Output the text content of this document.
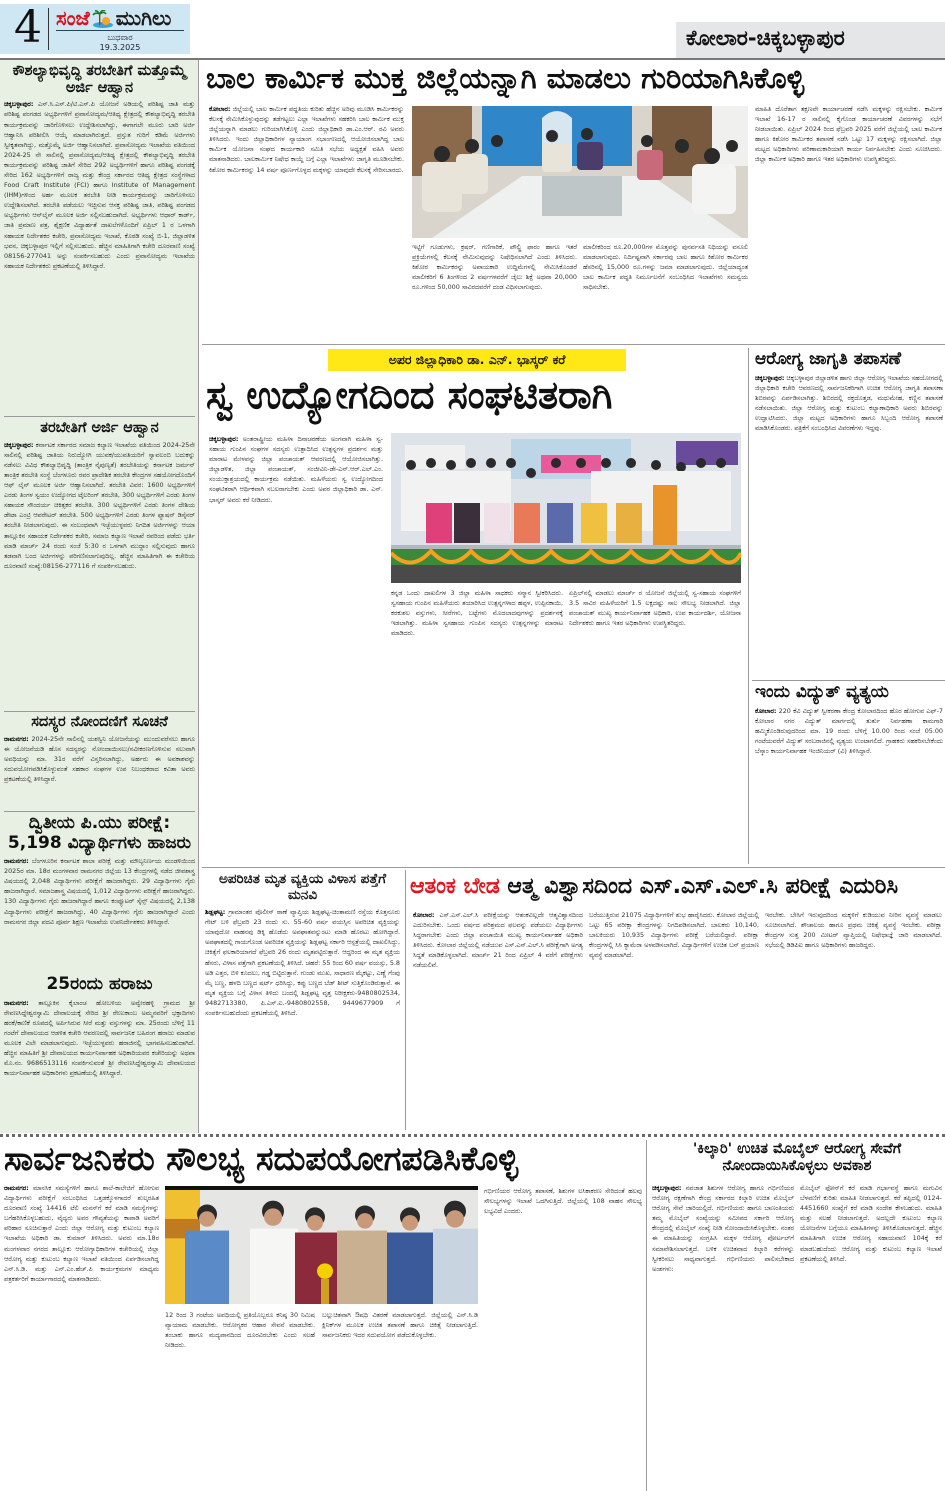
4 ಸಂಜೆ ಮುಗಿಲು
ಬುಧವಾರ
19.3.2025	ಕೋಲಾರ-ಚಿಕ್ಕಬಳ್ಳಾಪುರ
ಕೌಶಲ್ಯಾಭಿವೃದ್ಧಿ ತರಬೇತಿಗೆ ಮತ್ತೊಮ್ಮೆ ಅರ್ಜಿ ಆಹ್ವಾನ
ಚಿಕ್ಕಬಳ್ಳಾಪುರ: ಎಸ್.ಸಿ.ಎಸ್.ಪಿ/ಟಿ.ಎಸ್.ಪಿ ಯೋಜನೆ ಅಡಿಯಲ್ಲಿ ಪರಿಶಿಷ್ಟ ಜಾತಿ ಮತ್ತು ಪರಿಶಿಷ್ಟ ಪಂಗಡದ ಅಭ್ಯರ್ಥಿಗಳಿಗೆ ಪ್ರವಾಸೋದ್ಯಮ/ಆತಿಥ್ಯ ಕ್ಷೇತ್ರದಲ್ಲಿ ಕೌಶಲ್ಯಾಭಿವೃದ್ಧಿ ತರಬೇತಿ ಕಾರ್ಯಕ್ರಮವನ್ನು ಜಾರಿಗೊಳಿಸಲು ಉದ್ದೇಶಿಸಲಾಗಿದ್ದು, ಈಗಾಗಲೇ ಮೂರು ಬಾರಿ ಅರ್ಜಿ ಆಹ್ವಾನಿಸಿ ಪರಿಶೀಲಿಸಿ ಆಯ್ಕೆ ಮಾಡಲಾಗಿರುತ್ತದೆ. ಪ್ರಸ್ತುತ ಗುರಿಗೆ ಕಡಿಮೆ ಅರ್ಜಿಗಳು ಸ್ವೀಕೃತವಾಗಿದ್ದು, ಮತ್ತೊಮ್ಮೆ ಅರ್ಜಿ ಆಹ್ವಾನಿಸಲಾಗಿದೆ. ಪ್ರವಾಸೋದ್ಯಮ ಇಲಾಖೆಯ ವತಿಯಿಂದ 2024-25 ನೇ ಸಾಲಿನಲ್ಲಿ ಪ್ರವಾಸೋದ್ಯಮ/ಆತಿಥ್ಯ ಕ್ಷೇತ್ರದಲ್ಲಿ ಕೌಶಲ್ಯಾಭಿವೃದ್ಧಿ ತರಬೇತಿ ಕಾರ್ಯಕ್ರಮವನ್ನು ಪರಿಶಿಷ್ಟ ಜಾತಿಗೆ ಸೇರಿದ 292 ಅಭ್ಯರ್ಥಿಗಳಿಗೆ ಹಾಗೂ ಪರಿಶಿಷ್ಟ ಪಂಗಡಕ್ಕೆ ಸೇರಿದ 162 ಅಭ್ಯರ್ಥಿಗಳಿಗೆ ರಾಜ್ಯ ಮತ್ತು ಕೇಂದ್ರ ಸರ್ಕಾರದ ಆತಿಥ್ಯ ಕ್ಷೇತ್ರದ ಸಂಸ್ಥೆಗಳಾದ Food Craft Institute (FCI) ಹಾಗೂ Institute of Management (IHM)ಗಳಿಂದ ಅರ್ಹ ಮೂಲಕ ತರಬೇತಿ ನೀಡಿ ಕಾರ್ಯಕ್ರಮವನ್ನು ಜಾರಿಗೊಳಿಸಲು ಉದ್ದೇಶಿಸಲಾಗಿದೆ. ತರಬೇತಿ ಪಡೆಯಲು ಇಚ್ಛಿಸುವ ಆಸಕ್ತ ಪರಿಶಿಷ್ಟ ಜಾತಿ, ಪರಿಶಿಷ್ಟ ಪಂಗಡದ ಅಭ್ಯರ್ಥಿಗಳು ಆನ್‌ಲೈನ್ ಮೂಲಕ ಅರ್ಜಿ ಸಲ್ಲಿಸಬಹುದಾಗಿದೆ. ಅಭ್ಯರ್ಥಿಗಳು ಆಧಾರ್ ಕಾರ್ಡ್, ಜಾತಿ ಪ್ರಮಾಣ ಪತ್ರ, ಶೈಕ್ಷಣಿಕ ವಿದ್ಯಾರ್ಹತೆ ದಾಖಲೆಗಳೊಂದಿಗೆ ಏಪ್ರಿಲ್ 1 ರ ಒಳಗಾಗಿ ಸಹಾಯಕ ನಿರ್ದೇಶಕರ ಕಚೇರಿ, ಪ್ರವಾಸೋದ್ಯಮ ಇಲಾಖೆ, ಕೊಠಡಿ ಸಂಖ್ಯೆ ಬಿ-1, ಜಿಲ್ಲಾಡಳಿತ ಭವನ, ಚಿಕ್ಕಬಳ್ಳಾಪುರ ಇಲ್ಲಿಗೆ ಸಲ್ಲಿಸಬಹುದು. ಹೆಚ್ಚಿನ ಮಾಹಿತಿಗಾಗಿ ಕಚೇರಿ ದೂರವಾಣಿ ಸಂಖ್ಯೆ 08156-277041 ಅನ್ನು ಸಂಪರ್ಕಿಸಬಹುದು ಎಂದು ಪ್ರವಾಸೋದ್ಯಮ ಇಲಾಖೆಯ ಸಹಾಯಕ ನಿರ್ದೇಶಕರು ಪ್ರಕಟಣೆಯಲ್ಲಿ ತಿಳಿಸಿದ್ದಾರೆ.
ತರಬೇತಿಗೆ ಅರ್ಜಿ ಆಹ್ವಾನ
ಚಿಕ್ಕಬಳ್ಳಾಪುರ: ಕರ್ನಾಟಕ ಸರ್ಕಾರದ ಸಮಾಜ ಕಲ್ಯಾಣ ಇಲಾಖೆಯ ವತಿಯಿಂದ 2024-25ನೇ ಸಾಲಿನಲ್ಲಿ ಪರಿಶಿಷ್ಟ ಜಾತಿಯ ನಿರುದ್ಯೋಗಿ ಯುವಕ/ಯುವತಿಯರಿಗೆ ಸ್ವಾವಲಂಬಿ ಬದುಕನ್ನು ನಡೆಸಲು ವಿವಿಧ ಕೌಶಲ್ಯಾಭಿವೃದ್ಧಿ (ತಾಂತ್ರಿಕ ನೈಪುಣ್ಯತೆ) ತರಬೇತಿಯನ್ನು ಕರ್ನಾಟಕ ಜರ್ಮನ್ ತಾಂತ್ರಿಕ ತರಬೇತಿ ಸಂಸ್ಥೆ ಬೆಂಗಳೂರು ರವರ ಪ್ರಾದೇಶಿಕ ತರಬೇತಿ ಕೇಂದ್ರಗಳ ಸಹಯೋಗದೊಂದಿಗೆ ಆಫ್ ಲೈನ್ ಮೂಲಕ ಅರ್ಜಿ ಆಹ್ವಾನಿಸಲಾಗಿದೆ. ತರಬೇತಿ ವಿವರ: 1600 ಅಭ್ಯರ್ಥಿಗಳಿಗೆ ಎರಡು ತಿಂಗಳ ಸ್ವಯಂ ಉದ್ಯೋಗದ ಟೈಲರಿಂಗ್ ತರಬೇತಿ, 300 ಅಭ್ಯರ್ಥಿಗಳಿಗೆ ಎರಡು ತಿಂಗಳ ಸಹಾಯಕ ಸೌಂದರ್ಯ ಚಿಕಿತ್ಸಕರ ತರಬೇತಿ. 300 ಅಭ್ಯರ್ಥಿಗಳಿಗೆ ಎರಡು ತಿಂಗಳ ದೇಶಿಯ ಡೇಟಾ ಎಂಟ್ರಿ ಆಪರೇಟರ್ ತರಬೇತಿ. 500 ಅಭ್ಯರ್ಥಿಗಳಿಗೆ ಎರಡು ತಿಂಗಳ ಫ್ಯಾಷನ್ ಡಿಸೈನರ್ ತರಬೇತಿ ನೀಡಲಾಗುವುದು. ಈ ಸಂಬಂಧವಾಗಿ ಇಚ್ಛೆಯುಳ್ಳವರು ನಿಗದಿತ ಅರ್ಜಿಗಳನ್ನು ಆಯಾ ತಾಲ್ಲೂಕಿನ ಸಹಾಯಕ ನಿರ್ದೇಶಕರ ಕಚೇರಿ, ಸಮಾಜ ಕಲ್ಯಾಣ ಇಲಾಖೆ ರವರಿಂದ ಪಡೆದು ಭರ್ತಿ ಮಾಡಿ ಮಾರ್ಚ್ 24 ರಂದು ಸಂಜೆ 5:30 ರ ಒಳಗಾಗಿ ಮುದ್ದಾಂ ಸಲ್ಲಿಸುವುದು ಹಾಗೂ ತಡವಾಗಿ ಬಂದ ಅರ್ಜಿಗಳನ್ನು ಪರಿಗಣಿಸಲಾಗುವುದಿಲ್ಲ. ಹೆಚ್ಚಿನ ಮಾಹಿತಿಗಾಗಿ ಈ ಕಚೇರಿಯ ದೂರವಾಣಿ ಸಂಖ್ಯೆ:08156-277116 ಗೆ ಸಂಪರ್ಕಿಸಬಹುದು.
ಸದಸ್ಯರ ನೋಂದಣಿಗೆ ಸೂಚನೆ
ರಾಮನಗರ: 2024-25ನೇ ಸಾಲಿನಲ್ಲಿ ಯಶಸ್ವಿನಿ ಯೋಜನೆಯನ್ನು ಮುಂದುವರೆಸಲು ಹಾಗೂ ಈ ಯೋಜನೆಯಡಿ ಹೊಸ ಸದಸ್ಯರನ್ನು ನೋಂದಾಯಿಸಲು/ನವೀಕರಣಗೊಳಿಸುವ ಸಲುವಾಗಿ ಅವಧಿಯನ್ನು ಮಾ. 31ರ ವರೆಗೆ ವಿಸ್ತರಿಸಲಾಗಿದ್ದು, ಅರ್ಹರು ಈ ಅವಕಾಶವನ್ನು ಸದುಪಯೋಗಪಡಿಸಿಕೊಳ್ಳುವಂತೆ ಸಹಕಾರ ಸಂಘಗಳ ಉಪ ನಿಬಂಧಕರಾದ ಕವಿತಾ ಅವರು ಪ್ರಕಟಣೆಯಲ್ಲಿ ತಿಳಿಸಿದ್ದಾರೆ.
ದ್ವಿತೀಯ ಪಿ.ಯು ಪರೀಕ್ಷೆ: 5,198 ವಿದ್ಯಾರ್ಥಿಗಳು ಹಾಜರು
ರಾಮನಗರ: ಬೆಂಗಳೂರಿನ ಕರ್ನಾಟಕ ಶಾಲಾ ಪರೀಕ್ಷೆ ಮತ್ತು ಮೌಲ್ಯನಿರ್ಣಯ ಮಂಡಳಿಯಿಂದ 2025ರ ಮಾ. 18ರ ಮಂಗಳವಾರ ರಾಮನಗರ ಜಿಲ್ಲೆಯ 13 ಕೇಂದ್ರಗಳಲ್ಲಿ ನಡೆದ ಜೀವಶಾಸ್ತ್ರ ವಿಷಯದಲ್ಲಿ 2,048 ವಿದ್ಯಾರ್ಥಿಗಳು ಪರೀಕ್ಷೆಗೆ ಹಾಜರಾಗಿದ್ದರು. 29 ವಿದ್ಯಾರ್ಥಿಗಳು ಗೈರು ಹಾಜರಾಗಿದ್ದಾರೆ. ಸಮಾಜಶಾಸ್ತ್ರ ವಿಷಯದಲ್ಲಿ 1,012 ವಿದ್ಯಾರ್ಥಿಗಳು ಪರೀಕ್ಷೆಗೆ ಹಾಜರಾಗಿದ್ದರು. 130 ವಿದ್ಯಾರ್ಥಿಗಳು ಗೈರು ಹಾಜರಾಗಿದ್ದಾರೆ ಹಾಗೂ ಕಂಪ್ಯೂಟರ್ ಸೈನ್ಸ್ ವಿಷಯದಲ್ಲಿ 2,138 ವಿದ್ಯಾರ್ಥಿಗಳು ಪರೀಕ್ಷೆಗೆ ಹಾಜರಾಗಿದ್ದು, 40 ವಿದ್ಯಾರ್ಥಿಗಳು ಗೈರು ಹಾಜರಾಗಿದ್ದಾರೆ ಎಂದು ರಾಮನಗರ ಜಿಲ್ಲಾ ಪದವಿ ಪೂರ್ವ ಶಿಕ್ಷಣ ಇಲಾಖೆಯ ಉಪನಿರ್ದೇಶಕರು ತಿಳಿಸಿದ್ದಾರೆ.
25ರಂದು ಹರಾಜು
ರಾಮನಗರ: ತಾಲ್ಲೂಕಿನ ಕೈಲಾಂಚ ಹೋಬಳಿಯ ಅವ್ವೇರಹಳ್ಳಿ ಗ್ರಾಮದ ಶ್ರೀ ರೇವಣಸಿದ್ದೇಶ್ವರಸ್ವಾಮಿ ದೇವಾಲಯಕ್ಕೆ ಸೇರಿದ ಶ್ರೀ ರೇಣುಕಾಂಬ ಅಮ್ಮನವರಿಗೆ ಭಕ್ತಾದಿಗಳು ಹರಕೆ/ಕಾಣಿಕೆ ರೂಪದಲ್ಲಿ ಅರ್ಪಿಸಿರುವ ಸೀರೆ ಮತ್ತು ವಸ್ತುಗಳನ್ನು ಮಾ. 25ರಂದು ಬೆಳಿಗ್ಗೆ 11 ಗಂಟೆಗೆ ದೇವಾಲಯದ ಆಡಳಿತ ಕಚೇರಿ ಆವರಣದಲ್ಲಿ ಸಾರ್ವಜನಿಕ ಬಹಿರಂಗ ಹರಾಜು ಮಾಡುವ ಮೂಲಕ ವಿಲೇ ಮಾಡಲಾಗುವುದು. ಇಚ್ಛೆಯುಳ್ಳವರು ಹರಾಜಿನಲ್ಲಿ ಭಾಗವಹಿಸಬಹುದಾಗಿದೆ. ಹೆಚ್ಚಿನ ಮಾಹಿತಿಗೆ ಶ್ರೀ ದೇವಾಲಯದ ಕಾರ್ಯನಿರ್ವಾಹಕ ಅಧಿಕಾರಿಯವರ ಕಚೇರಿಯನ್ನು ಅಥವಾ ಮೊ.ನಂ. 9686513116 ಸಂಪರ್ಕಿಸುವಂತೆ ಶ್ರೀ ರೇವಣಸಿದ್ದೇಶ್ವರಸ್ವಾಮಿ ದೇವಾಲಯದ ಕಾರ್ಯನಿರ್ವಾಹಕ ಅಧಿಕಾರಿಗಳು ಪ್ರಕಟಣೆಯಲ್ಲಿ ತಿಳಿಸಿದ್ದಾರೆ.
ಬಾಲ ಕಾರ್ಮಿಕ ಮುಕ್ತ ಜಿಲ್ಲೆಯನ್ನಾಗಿ ಮಾಡಲು ಗುರಿಯಾಗಿಸಿಕೊಳ್ಳಿ
ಕೋಲಾರ: ಜಿಲ್ಲೆಯಲ್ಲಿ ಬಾಲ ಕಾರ್ಮಿಕ ಪದ್ಧತಿಯ ಕುರಿತು ಹೆಚ್ಚಿನ ಅರಿವು ಮೂಡಿಸಿ ಕಾರ್ಮಿಕರನ್ನು ಕೆಲಸಕ್ಕೆ ನೇಮಿಸಿಕೊಳ್ಳುವುದನ್ನು ತಡೆಗಟ್ಟಲು ಎಲ್ಲಾ ಇಲಾಖೆಗಳು ಸಹಕರಿಸಿ ಬಾಲ ಕಾರ್ಮಿಕ ಮುಕ್ತ ಜಿಲ್ಲೆಯನ್ನಾಗಿ ಮಾಡಲು ಗುರಿಯಾಗಿಸಿಕೊಳ್ಳಿ ಎಂದು ಜಿಲ್ಲಾಧಿಕಾರಿ ಡಾ.ಎಂ.ಆರ್. ರವಿ ಅವರು ತಿಳಿಸಿದರು. ಇಂದು ಜಿಲ್ಲಾಧಿಕಾರಿಗಳ ನ್ಯಾಯಾಂಗ ಸಭಾಂಗಣದಲ್ಲಿ ಆಯೋಜಿಸಲಾಗಿದ್ದ ಬಾಲ ಕಾರ್ಮಿಕ ಯೋಜನಾ ಸಂಘದ ಕಾರ್ಯಕಾರಿ ಸಮಿತಿ ಸಭೆಯ ಅಧ್ಯಕ್ಷತೆ ವಹಿಸಿ ಅವರು ಮಾತನಾಡಿದರು. ಬಾಲಕಾರ್ಮಿಕ ನಿಷೇಧ ಕಾಯ್ದೆ ಬಗ್ಗೆ ಎಲ್ಲಾ ಇಲಾಖೆಗಳು ಜಾಗೃತಿ ಮೂಡಿಸಬೇಕು. ಕಿಶೋರ ಕಾರ್ಮಿಕರನ್ನು 14 ವರ್ಷ ಪೂರ್ಣಗೊಳ್ಳದ ಮಕ್ಕಳನ್ನು ಯಾವುದೇ ಕೆಲಸಕ್ಕೆ ಸೇರಿಸಬಾರದು.
ಇಟ್ಟಿಗೆ ಗೂಡುಗಳು, ಕ್ರಷರ್, ಗಣಿಗಾರಿಕೆ, ಪೌಲ್ಟ್ರಿ ಫಾರಂ ಹಾಗೂ ಇತರೆ ಪ್ರಕ್ರಿಯೆಗಳಲ್ಲಿ ಕೆಲಸಕ್ಕೆ ನೇಮಿಸುವುದನ್ನು ನಿಷೇಧಿಸಲಾಗಿದೆ ಎಂದು ತಿಳಿಸಿದರು. ಕಿಶೋರ ಕಾರ್ಮಿಕರನ್ನು ಅಪಾಯಕಾರಿ ಉದ್ದಿಮೆಗಳಲ್ಲಿ ನೇಮಿಸಿಕೊಂಡರೆ ಮಾಲೀಕರಿಗೆ 6 ತಿಂಗಳಿಂದ 2 ವರ್ಷಗಳವರೆಗೆ ಜೈಲು ಶಿಕ್ಷೆ ಅಥವಾ 20,000 ರೂ.ಗಳಿಂದ 50,000 ಸಾವಿರದವರೆಗೆ ದಂಡ ವಿಧಿಸಲಾಗುವುದು.
ಮಾಲೀಕರಿಂದ ರೂ.20,000ಗಳ ಮೊತ್ತವನ್ನು ಪುನರ್ವಸತಿ ನಿಧಿಯನ್ನು ವಸೂಲಿ ಮಾಡಲಾಗುವುದು. ನಿರ್ದಿಷ್ಟವಾಗಿ ಸರ್ಕಾರವು ಬಾಲ ಹಾಗೂ ಕಿಶೋರ ಕಾರ್ಮಿಕರ ಹೆಸರಿನಲ್ಲಿ 15,000 ರೂ.ಗಳನ್ನು ಜಮಾ ಮಾಡಲಾಗುವುದು. ಜಿಲ್ಲೆಯಾದ್ಯಂತ ಬಾಲ ಕಾರ್ಮಿಕ ಪದ್ಧತಿ ನಿರ್ಮೂಲನೆಗೆ ಸಂಬಂಧಿಸಿದ ಇಲಾಖೆಗಳು ಸಮನ್ವಯ ಸಾಧಿಸಬೇಕು.
ಮಾಹಿತಿ ದೊರೆತಾಗ ತಕ್ಷಣವೇ ಕಾರ್ಯಾಚರಣೆ ನಡೆಸಿ ಮಕ್ಕಳನ್ನು ರಕ್ಷಿಸಬೇಕು. ಕಾರ್ಮಿಕ ಇಲಾಖೆ 16-17 ರ ಸಾಲಿನಲ್ಲಿ ಕೈಗೊಂಡ ಕಾರ್ಯಾಚರಣೆ ವಿವರಗಳನ್ನು ಸಭೆಗೆ ನೀಡಲಾಯಿತು. ಏಪ್ರಿಲ್ 2024 ರಿಂದ ಫೆಬ್ರವರಿ 2025 ವರೆಗೆ ಜಿಲ್ಲೆಯಲ್ಲಿ ಬಾಲ ಕಾರ್ಮಿಕ ಹಾಗೂ ಕಿಶೋರ ಕಾರ್ಮಿಕರ ತಪಾಸಣೆ ನಡೆಸಿ ಒಟ್ಟು 17 ಮಕ್ಕಳನ್ನು ರಕ್ಷಿಸಲಾಗಿದೆ. ಜಿಲ್ಲಾ ಮಟ್ಟದ ಅಧಿಕಾರಿಗಳು ಪರಿಣಾಮಕಾರಿಯಾಗಿ ಕಾರ್ಯ ನಿರ್ವಹಿಸಬೇಕು ಎಂದು ಸೂಚಿಸಿದರು. ಜಿಲ್ಲಾ ಕಾರ್ಮಿಕ ಅಧಿಕಾರಿ ಹಾಗೂ ಇತರ ಅಧಿಕಾರಿಗಳು ಉಪಸ್ಥಿತರಿದ್ದರು.
ಅಪರ ಜಿಲ್ಲಾಧಿಕಾರಿ ಡಾ. ಎನ್. ಭಾಸ್ಕರ್ ಕರೆ
ಸ್ವ ಉದ್ಯೋಗದಿಂದ ಸಂಘಟಿತರಾಗಿ
ಚಿಕ್ಕಬಳ್ಳಾಪುರ: ಅಂತರಾಷ್ಟ್ರೀಯ ಮಹಿಳಾ ದಿನಾಚರಣೆಯ ಅಂಗವಾಗಿ ಮಹಿಳಾ ಸ್ವ-ಸಹಾಯ ಗುಂಪಿನ ಸಂಘಗಳ ಸದಸ್ಯರು ಉತ್ಪಾದಿಸಿದ ಉತ್ಪನ್ನಗಳ ಪ್ರದರ್ಶನ ಮತ್ತು ಮಾರಾಟ ಮೇಳವನ್ನು ಜಿಲ್ಲಾ ಪಂಚಾಯತ್ ಆವರಣದಲ್ಲಿ ಆಯೋಜಿಸಲಾಗಿತ್ತು. ಜಿಲ್ಲಾಡಳಿತ, ಜಿಲ್ಲಾ ಪಂಚಾಯತ್, ಸಂಜೀವಿನಿ-ಡೇ-ಎನ್.ಆರ್.ಎಲ್.ಎಂ. ಸಂಯುಕ್ತಾಶ್ರಯದಲ್ಲಿ ಕಾರ್ಯಕ್ರಮ ನಡೆಯಿತು. ಮಹಿಳೆಯರು ಸ್ವ ಉದ್ಯೋಗದಿಂದ ಸಂಘಟಿತರಾಗಿ ಆರ್ಥಿಕವಾಗಿ ಸಬಲರಾಗಬೇಕು ಎಂದು ಅಪರ ಜಿಲ್ಲಾಧಿಕಾರಿ ಡಾ. ಎನ್. ಭಾಸ್ಕರ್ ಅವರು ಕರೆ ನೀಡಿದರು.
ಕನ್ನಡ ಒಂದು ದಾಖಲಿಗಳ 3 ಜಿಲ್ಲಾ ಮಹಿಳಾ ಸಾಧಕರು ಸನ್ಮಾನ ಸ್ವೀಕರಿಸಿದರು. ಸ್ವಸಹಾಯ ಗುಂಪಿನ ಮಹಿಳೆಯರು ತಯಾರಿಸಿದ ಉತ್ಪನ್ನಗಳಾದ ಹಪ್ಪಳ, ಉಪ್ಪಿನಕಾಯಿ, ಕರಕುಶಲ ವಸ್ತುಗಳು, ಸೀರೆಗಳು, ಬಟ್ಟೆಗಳು ಮೊದಲಾದವುಗಳನ್ನು ಪ್ರದರ್ಶನಕ್ಕೆ ಇಡಲಾಗಿತ್ತು. ಮಹಿಳಾ ಸ್ವಸಹಾಯ ಗುಂಪಿನ ಸದಸ್ಯರು ಉತ್ಪನ್ನಗಳನ್ನು ಮಾರಾಟ ಮಾಡಿದರು.
ಏಪ್ರಿಲ್‌ನಲ್ಲಿ ಮಾಡಲು ಮಾರ್ಚ್ ರ ಯೋಜನೆ ಜಿಲ್ಲೆಯಲ್ಲಿ ಸ್ವ-ಸಹಾಯ ಸಂಘಗಳಿಗೆ 3.5 ಸಾವಿರ ಮಹಿಳೆಯರಿಗೆ 1.5 ಲಕ್ಷದಷ್ಟು ಸಾಲ ಸೌಲಭ್ಯ ನೀಡಲಾಗಿದೆ. ಜಿಲ್ಲಾ ಪಂಚಾಯತ್ ಮುಖ್ಯ ಕಾರ್ಯನಿರ್ವಾಹಕ ಅಧಿಕಾರಿ, ಉಪ ಕಾರ್ಯದರ್ಶಿ, ಯೋಜನಾ ನಿರ್ದೇಶಕರು ಹಾಗೂ ಇತರ ಅಧಿಕಾರಿಗಳು ಉಪಸ್ಥಿತರಿದ್ದರು.
ಆರೋಗ್ಯ ಜಾಗೃತಿ ತಪಾಸಣೆ
ಚಿಕ್ಕಬಳ್ಳಾಪುರ: ಚಿಕ್ಕಬಳ್ಳಾಪುರ ಜಿಲ್ಲಾಡಳಿತ ಹಾಗು ಜಿಲ್ಲಾ ಆರೋಗ್ಯ ಇಲಾಖೆಯ ಸಹಯೋಗದಲ್ಲಿ ಜಿಲ್ಲಾಧಿಕಾರಿ ಕಚೇರಿ ಆವರಣದಲ್ಲಿ ಸಾರ್ವಜನಿಕರಿಗಾಗಿ ಉಚಿತ ಆರೋಗ್ಯ ಜಾಗೃತಿ ತಪಾಸಣಾ ಶಿಬಿರವನ್ನು ಏರ್ಪಡಿಸಲಾಗಿತ್ತು. ಶಿಬಿರದಲ್ಲಿ ರಕ್ತದೊತ್ತಡ, ಮಧುಮೇಹ, ಕಣ್ಣಿನ ತಪಾಸಣೆ ನಡೆಸಲಾಯಿತು. ಜಿಲ್ಲಾ ಆರೋಗ್ಯ ಮತ್ತು ಕುಟುಂಬ ಕಲ್ಯಾಣಾಧಿಕಾರಿ ಅವರು ಶಿಬಿರವನ್ನು ಉದ್ಘಾಟಿಸಿದರು. ಜಿಲ್ಲಾ ಮಟ್ಟದ ಅಧಿಕಾರಿಗಳು ಹಾಗೂ ಸಿಬ್ಬಂದಿ ಆರೋಗ್ಯ ತಪಾಸಣೆ ಮಾಡಿಸಿಕೊಂಡರು. ಪತ್ರಿಕೆಗೆ ಸಂಬಂಧಿಸಿದ ವಿವರಣೆಗಳು ಇದ್ದವು.
ಇಂದು ವಿದ್ಯುತ್ ವ್ಯತ್ಯಯ
ಕೋಲಾರ: 220 ಕೆವಿ ವಿದ್ಯುತ್ ಸ್ವೀಕರಣಾ ಕೇಂದ್ರ ಕೋಲಾರದಿಂದ ಹೊರ ಹೋಗುವ ಎಫ್-7 ಕೋಲಾರ ನಗರ ವಿದ್ಯುತ್ ಮಾರ್ಗದಲ್ಲಿ ತುರ್ತು ನಿರ್ವಹಣಾ ಕಾಮಗಾರಿ ಹಮ್ಮಿಕೊಂಡಿರುವುದರಿಂದ ಮಾ. 19 ರಂದು ಬೆಳಿಗ್ಗೆ 10.00 ರಿಂದ ಸಂಜೆ 05.00 ಗಂಟೆಯವರೆಗೆ ವಿದ್ಯುತ್ ಸರಬರಾಜಿನಲ್ಲಿ ವ್ಯತ್ಯಯ ಉಂಟಾಗಲಿದೆ. ಗ್ರಾಹಕರು ಸಹಕರಿಸಬೇಕೆಂದು ಬೆಸ್ಕಾಂ ಕಾರ್ಯನಿರ್ವಾಹಕ ಇಂಜಿನಿಯರ್ (ವಿ) ತಿಳಿಸಿದ್ದಾರೆ.
ಅಪರಿಚಿತ ಮೃತ ವ್ಯಕ್ತಿಯ ವಿಳಾಸ ಪತ್ತೆಗೆ ಮನವಿ
ಶಿಡ್ಲಘಟ್ಟ: ಗ್ರಾಮಾಂತರ ಪೊಲೀಸ್ ಠಾಣೆ ವ್ಯಾಪ್ತಿಯ ಶಿಡ್ಲಘಟ್ಟ-ಚಿಂತಾಮಣಿ ರಸ್ತೆಯ ಕೊತ್ತನೂರು ಗೇಟ್ ಬಳಿ ಫೆಬ್ರವರಿ 23 ರಂದು ಸು. 55-60 ವರ್ಷ ವಯಸ್ಸಿನ ಅಪರಿಚಿತ ವ್ಯಕ್ತಿಯನ್ನು ಯಾವುದೋ ವಾಹನವು ಡಿಕ್ಕಿ ಹೊಡೆದು ಅಪಘಾತವನ್ನುಂಟು ಮಾಡಿ ಹೊರಟು ಹೋಗಿದ್ದಾರೆ. ಅಪಘಾತದಲ್ಲಿ ಗಾಯಗೊಂಡ ಅಪರಿಚಿತ ವ್ಯಕ್ತಿಯನ್ನು ಶಿಡ್ಲಘಟ್ಟ ಸರ್ಕಾರಿ ಆಸ್ಪತ್ರೆಯಲ್ಲಿ ದಾಖಲಿಸಿದ್ದು, ಚಿಕಿತ್ಸೆಗೆ ಫಲಕಾರಿಯಾಗದೆ ಫೆಬ್ರವರಿ 26 ರಂದು ಮೃತಪಟ್ಟಿರುತ್ತಾರೆ. ಆದ್ದರಿಂದ ಈ ಮೃತ ವ್ಯಕ್ತಿಯ ಹೆಸರು, ವಿಳಾಸ ಪತ್ತೆಗಾಗಿ ಪ್ರಕಟಣೆಯಲ್ಲಿ ತಿಳಿಸಿದೆ. ಚಹರೆ: 55 ರಿಂದ 60 ವರ್ಷ ವಯಸ್ಸು, 5.8 ಅಡಿ ಎತ್ತರ, ಬಿಳಿ ಕೂದಲು, ಗಡ್ಡ ಬಿಟ್ಟಿರುತ್ತಾನೆ. ಗುಂಡು ಮುಖ, ಸಾಧಾರಣ ಮೈಕಟ್ಟು, ಎಣ್ಣೆ ಗೆಂಪು ಮೈ ಬಣ್ಣ, ಹಳದಿ ಬಣ್ಣದ ಷರ್ಟ್ ಧರಿಸಿದ್ದು, ಕಪ್ಪು ಬಣ್ಣದ ಬೆಡ್ ಶೀಟ್ ಸುತ್ತಿಕೊಂಡಿರುತ್ತಾನೆ. ಈ ಮೃತ ವ್ಯಕ್ತಿಯ ಬಗ್ಗೆ ವಿಳಾಸ ತಿಳಿದು ಬಂದಲ್ಲಿ ಶಿಡ್ಲಘಟ್ಟ ವೃತ್ತ ನಿರೀಕ್ಷಕರು-9480802534, 9482713380, ಪಿ.ಎಸ್.ಐ.-9480802558, 9449677909 ಗೆ ಸಂಪರ್ಕಿಸಬಹುದೆಂದು ಪ್ರಕಟಣೆಯಲ್ಲಿ ತಿಳಿಸಿದೆ.
ಆತಂಕ ಬೇಡ ಆತ್ಮ ವಿಶ್ವಾಸದಿಂದ ಎಸ್.ಎಸ್.ಎಲ್.ಸಿ ಪರೀಕ್ಷೆ ಎದುರಿಸಿ
ಕೋಲಾರ: ಎಸ್.ಎಸ್.ಎಲ್.ಸಿ ಪರೀಕ್ಷೆಯನ್ನು ಆತಂಕವಿಲ್ಲದೇ ಆತ್ಮವಿಶ್ವಾಸದಿಂದ ಎದುರಿಸಬೇಕು. ಒಂದು ವರ್ಷದ ಪರಿಶ್ರಮದ ಫಲವನ್ನು ಪಡೆಯಲು ವಿದ್ಯಾರ್ಥಿಗಳು ಸಿದ್ಧರಾಗಬೇಕು ಎಂದು ಜಿಲ್ಲಾ ಪಂಚಾಯಿತಿ ಮುಖ್ಯ ಕಾರ್ಯನಿರ್ವಾಹಕ ಅಧಿಕಾರಿ ತಿಳಿಸಿದರು. ಕೋಲಾರ ಜಿಲ್ಲೆಯಲ್ಲಿ ನಡೆಯುವ ಎಸ್.ಎಸ್.ಎಲ್.ಸಿ ಪರೀಕ್ಷೆಗಾಗಿ ಅಗತ್ಯ ಸಿದ್ಧತೆ ಮಾಡಿಕೊಳ್ಳಲಾಗಿದೆ. ಮಾರ್ಚ್ 21 ರಿಂದ ಏಪ್ರಿಲ್ 4 ವರೆಗೆ ಪರೀಕ್ಷೆಗಳು ನಡೆಯಲಿವೆ.
ಬರೆಯುತ್ತಿರುವ 21075 ವಿದ್ಯಾರ್ಥಿಗಳಿಗೆ ಶುಭ ಹಾರೈಸಿದರು. ಕೋಲಾರ ಜಿಲ್ಲೆಯಲ್ಲಿ ಒಟ್ಟು 65 ಪರೀಕ್ಷಾ ಕೇಂದ್ರಗಳನ್ನು ನಿಗದಿಪಡಿಸಲಾಗಿದೆ. ಬಾಲಕರು 10,140, ಬಾಲಕಿಯರು 10,935 ವಿದ್ಯಾರ್ಥಿಗಳು ಪರೀಕ್ಷೆ ಬರೆಯಲಿದ್ದಾರೆ. ಪರೀಕ್ಷಾ ಕೇಂದ್ರಗಳಲ್ಲಿ ಸಿಸಿ ಕ್ಯಾಮೆರಾ ಅಳವಡಿಸಲಾಗಿದೆ. ವಿದ್ಯಾರ್ಥಿಗಳಿಗೆ ಉಚಿತ ಬಸ್ ಪ್ರಯಾಣ ವ್ಯವಸ್ಥೆ ಮಾಡಲಾಗಿದೆ.
ಇರಬೇಕು. ಬೇಸಿಗೆ ಇರುವುದರಿಂದ ಮಕ್ಕಳಿಗೆ ಕುಡಿಯುವ ನೀರಿನ ವ್ಯವಸ್ಥೆ ಮಾಡಲು ಸೂಚಿಸಲಾಗಿದೆ. ಶೌಚಾಲಯ ಹಾಗೂ ಪ್ರಥಮ ಚಿಕಿತ್ಸೆ ವ್ಯವಸ್ಥೆ ಇರಬೇಕು. ಪರೀಕ್ಷಾ ಕೇಂದ್ರಗಳ ಸುತ್ತ 200 ಮೀಟರ್ ವ್ಯಾಪ್ತಿಯಲ್ಲಿ ನಿಷೇಧಾಜ್ಞೆ ಜಾರಿ ಮಾಡಲಾಗಿದೆ. ಸಭೆಯಲ್ಲಿ ಡಿಡಿಪಿಐ ಹಾಗೂ ಅಧಿಕಾರಿಗಳು ಹಾಜರಿದ್ದರು.
ಸಾರ್ವಜನಿಕರು ಸೌಲಭ್ಯ ಸದುಪಯೋಗಪಡಿಸಿಕೊಳ್ಳಿ
ರಾಮನಗರ: ಮಾನಸಿಕ ಸಮಸ್ಯೆಗಳಿಗೆ ಹಾಗೂ ಶಾಲೆ-ಕಾಲೇಜಿಗೆ ಹೋಗುವ ವಿದ್ಯಾರ್ಥಿಗಳು ಪರೀಕ್ಷೆಗೆ ಸಂಬಂಧಿಸಿದ ಒತ್ತಡಕ್ಕೊಳಗಾದರೆ ಶುಲ್ಕರಹಿತ ದೂರವಾಣಿ ಸಂಖ್ಯೆ 14416 ಟೆಲಿ ಮನಸ್‌ಗೆ ಕರೆ ಮಾಡಿ ಸಮಸ್ಯೆಗಳನ್ನು ಬಗೆಹರಿಸಿಕೊಳ್ಳಬಹುದು, ವೈದ್ಯರು ಅವರ ಗೌಪ್ಯತೆಯನ್ನು ಕಾಪಾಡಿ ಅವರಿಗೆ ಪರಿಹಾರ ಸೂಚಿಸುತ್ತಾರೆ ಎಂದು ಜಿಲ್ಲಾ ಆರೋಗ್ಯ ಮತ್ತು ಕುಟುಂಬ ಕಲ್ಯಾಣ ಇಲಾಖೆಯ ಅಧಿಕಾರಿ ಡಾ. ಕುಮಾರ್ ತಿಳಿಸಿದರು. ಅವರು ಮಾ.18ರ ಮಂಗಳವಾರ ನಗರದ ತಾಲ್ಲೂಕು ಆರೋಗ್ಯಾಧಿಕಾರಿಗಳ ಕಚೇರಿಯಲ್ಲಿ ಜಿಲ್ಲಾ ಆರೋಗ್ಯ ಮತ್ತು ಕುಟುಂಬ ಕಲ್ಯಾಣ ಇಲಾಖೆ ವತಿಯಿಂದ ಏರ್ಪಡಿಸಲಾಗಿದ್ದ ಎನ್.ಸಿ.ಡಿ. ಮತ್ತು ಎನ್.ಎಂ.ಹೆಚ್.ಪಿ ಕಾರ್ಯಕ್ರಮಗಳ ಮಾಧ್ಯಮ ಪತ್ರಕರ್ತರಿಗೆ ಕಾರ್ಯಾಗಾರದಲ್ಲಿ ಮಾತನಾಡಿದರು.
12 ರಿಂದ 3 ಗಂಟೆಯ ಅವಧಿಯಲ್ಲಿ ಪ್ರತಿಯೊಬ್ಬರೂ ಕನಿಷ್ಠ 30 ನಿಮಿಷ ವ್ಯಾಯಾಮ ಮಾಡಬೇಕು. ಆರೋಗ್ಯಕರ ಆಹಾರ ಸೇವನೆ ಮಾಡಬೇಕು. ತಂಬಾಕು ಹಾಗೂ ಮದ್ಯಪಾನದಿಂದ ದೂರವಿರಬೇಕು ಎಂದು ಸಲಹೆ ನೀಡಿದರು.
ಬಲ್ಲುಚಿತವಾಗಿ ಔಷಧಿ ವಿತರಣೆ ಮಾಡಲಾಗುತ್ತದೆ. ಜಿಲ್ಲೆಯಲ್ಲಿ ಎನ್.ಸಿ.ಡಿ ಕ್ಲಿನಿಕ್‌ಗಳ ಮೂಲಕ ಉಚಿತ ತಪಾಸಣೆ ಹಾಗೂ ಚಿಕಿತ್ಸೆ ನೀಡಲಾಗುತ್ತಿದೆ. ಸಾರ್ವಜನಿಕರು ಇದರ ಸದುಪಯೋಗ ಪಡೆದುಕೊಳ್ಳಬೇಕು.
ಗರ್ಭಿಣಿಯರ ಆರೋಗ್ಯ ತಪಾಸಣೆ, ಶಿಶುಗಳ ಲಸಿಕಾಕರಣ ಸೇರಿದಂತೆ ಹಲವು ಸೌಲಭ್ಯಗಳನ್ನು ಇಲಾಖೆ ಒದಗಿಸುತ್ತಿದೆ. ಜಿಲ್ಲೆಯಲ್ಲಿ 108 ವಾಹನ ಸೌಲಭ್ಯ ಲಭ್ಯವಿದೆ ಎಂದರು.
'ಕಿಲ್ಕಾರಿ' ಉಚಿತ ಮೊಬೈಲ್ ಆರೋಗ್ಯ ಸೇವೆಗೆ ನೋಂದಾಯಿಸಿಕೊಳ್ಳಲು ಅವಕಾಶ
ಚಿಕ್ಕಬಳ್ಳಾಪುರ: ನವಜಾತ ಶಿಶುಗಳ ಆರೋಗ್ಯ ಹಾಗೂ ಗರ್ಭಿಣಿಯರ ಆರೋಗ್ಯ ರಕ್ಷಣೆಗಾಗಿ ಕೇಂದ್ರ ಸರ್ಕಾರದ ಕಿಲ್ಕಾರಿ ಉಚಿತ ಮೊಬೈಲ್ ಆರೋಗ್ಯ ಸೇವೆ ಜಾರಿಯಲ್ಲಿದೆ. ಗರ್ಭಿಣಿಯರು ಹಾಗೂ ಬಾಣಂತಿಯರು ತಮ್ಮ ಮೊಬೈಲ್ ಸಂಖ್ಯೆಯನ್ನು ಸಮೀಪದ ಸರ್ಕಾರಿ ಆರೋಗ್ಯ ಕೇಂದ್ರದಲ್ಲಿ ಮೊಬೈಲ್ ಸಂಖ್ಯೆ ನೀಡಿ ನೋಂದಾಯಿಸಿಕೊಳ್ಳಬೇಕು. ನಂತರ ಈ ಮಾಹಿತಿಯನ್ನು ಸಂಗ್ರಹಿಸಿ ಮಕ್ಕಳ ಆರೋಗ್ಯ ಪೋರ್ಟಲ್‌ಗೆ ಸಮಾವೇಶಿಸಲಾಗುತ್ತದೆ. ಬಳಿಕ ಉಚಿತವಾದ ಕಿಲ್ಕಾರಿ ಕರೆಗಳನ್ನು ಸ್ವೀಕರಿಸಲು ಸಾಧ್ಯವಾಗುತ್ತದೆ. ಗರ್ಭಿಣಿಯರು ಪಾಲಿಸಬೇಕಾದ ಅಂಶಗಳು:
ಮೊಬೈಲ್ ಫೋನ್‌ಗೆ ಕರೆ ಮಾಡಿ ಗರ್ಭಾವಸ್ಥೆ ಹಾಗೂ ಮಗುವಿನ ಬೆಳವಣಿಗೆ ಕುರಿತು ಮಾಹಿತಿ ನೀಡಲಾಗುತ್ತದೆ. ಕರೆ ತಪ್ಪಿದಲ್ಲಿ 0124-4451660 ಸಂಖ್ಯೆಗೆ ಕರೆ ಮಾಡಿ ಸಂದೇಶ ಕೇಳಬಹುದು. ಮಾಹಿತಿ ಮತ್ತು ಸಲಹೆ ನೀಡಲಾಗುತ್ತದೆ. ಅದಲ್ಲದೇ ಕುಟುಂಬ ಕಲ್ಯಾಣ ಯೋಜನೆಗಳ ಬಗ್ಗೆಯೂ ಮಾಹಿತಿಗಳನ್ನು ತಿಳಿಸಿಕೊಡಲಾಗುತ್ತದೆ. ಹೆಚ್ಚಿನ ಮಾಹಿತಿಗಾಗಿ ಉಚಿತ ಆರೋಗ್ಯ ಸಹಾಯವಾಣಿ 104ಕ್ಕೆ ಕರೆ ಮಾಡಬಹುದೆಂದು ಆರೋಗ್ಯ ಮತ್ತು ಕುಟುಂಬ ಕಲ್ಯಾಣ ಇಲಾಖೆ ಪ್ರಕಟಣೆಯಲ್ಲಿ ತಿಳಿಸಿದೆ.
